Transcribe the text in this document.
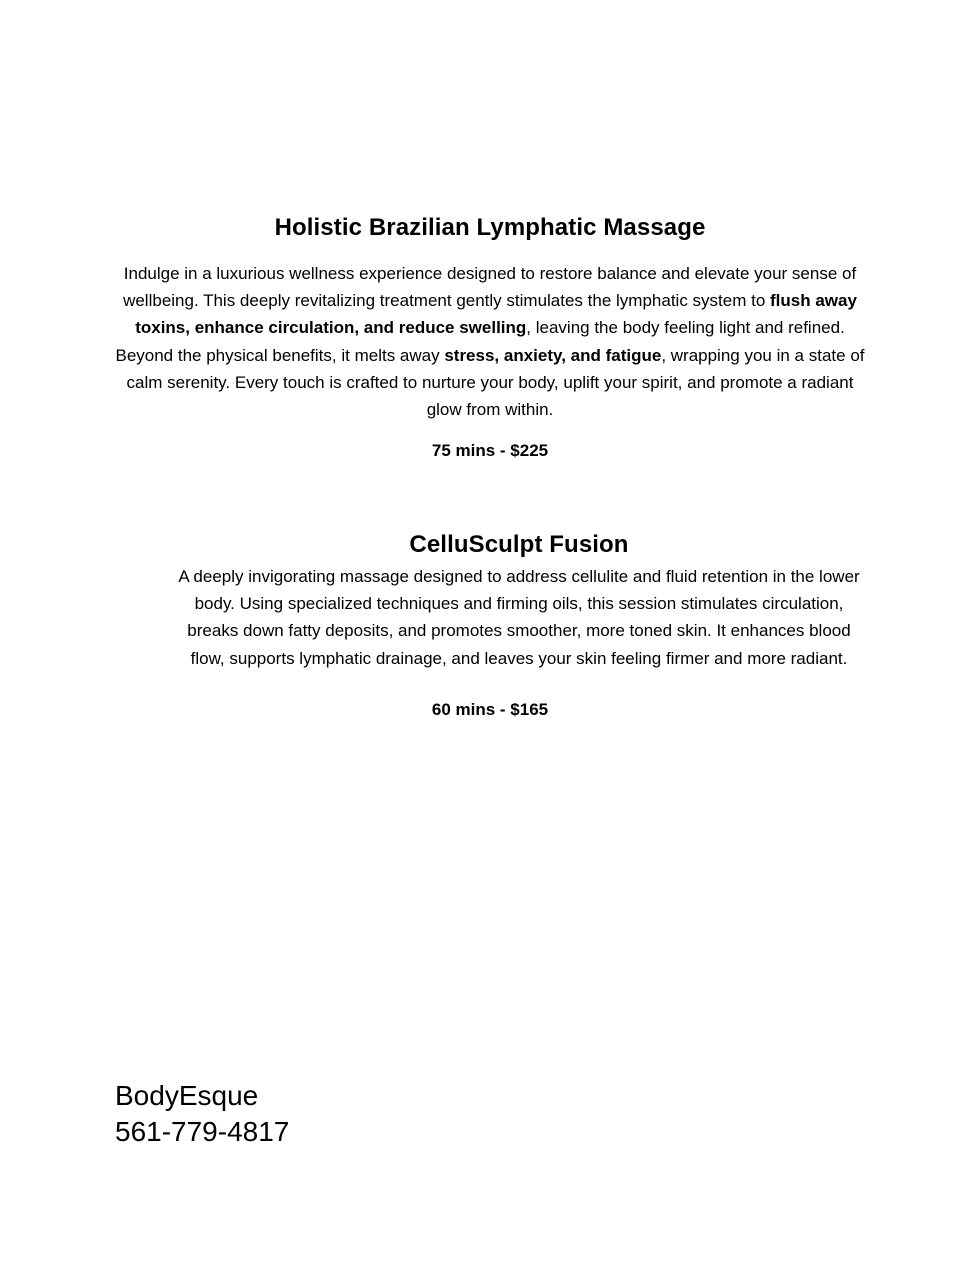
Holistic Brazilian Lymphatic Massage

Indulge in a luxurious wellness experience designed to restore balance and elevate your sense of wellbeing. This deeply revitalizing treatment gently stimulates the lymphatic system to flush away toxins, enhance circulation, and reduce swelling, leaving the body feeling light and refined. Beyond the physical benefits, it melts away stress, anxiety, and fatigue, wrapping you in a state of calm serenity. Every touch is crafted to nurture your body, uplift your spirit, and promote a radiant glow from within.

75 mins - $225

CelluSculpt Fusion

A deeply invigorating massage designed to address cellulite and fluid retention in the lower body. Using specialized techniques and firming oils, this session stimulates circulation, breaks down fatty deposits, and promotes smoother, more toned skin. It enhances blood flow, supports lymphatic drainage, and leaves your skin feeling firmer and more radiant.

60 mins - $165

BodyEsque
561-779-4817
